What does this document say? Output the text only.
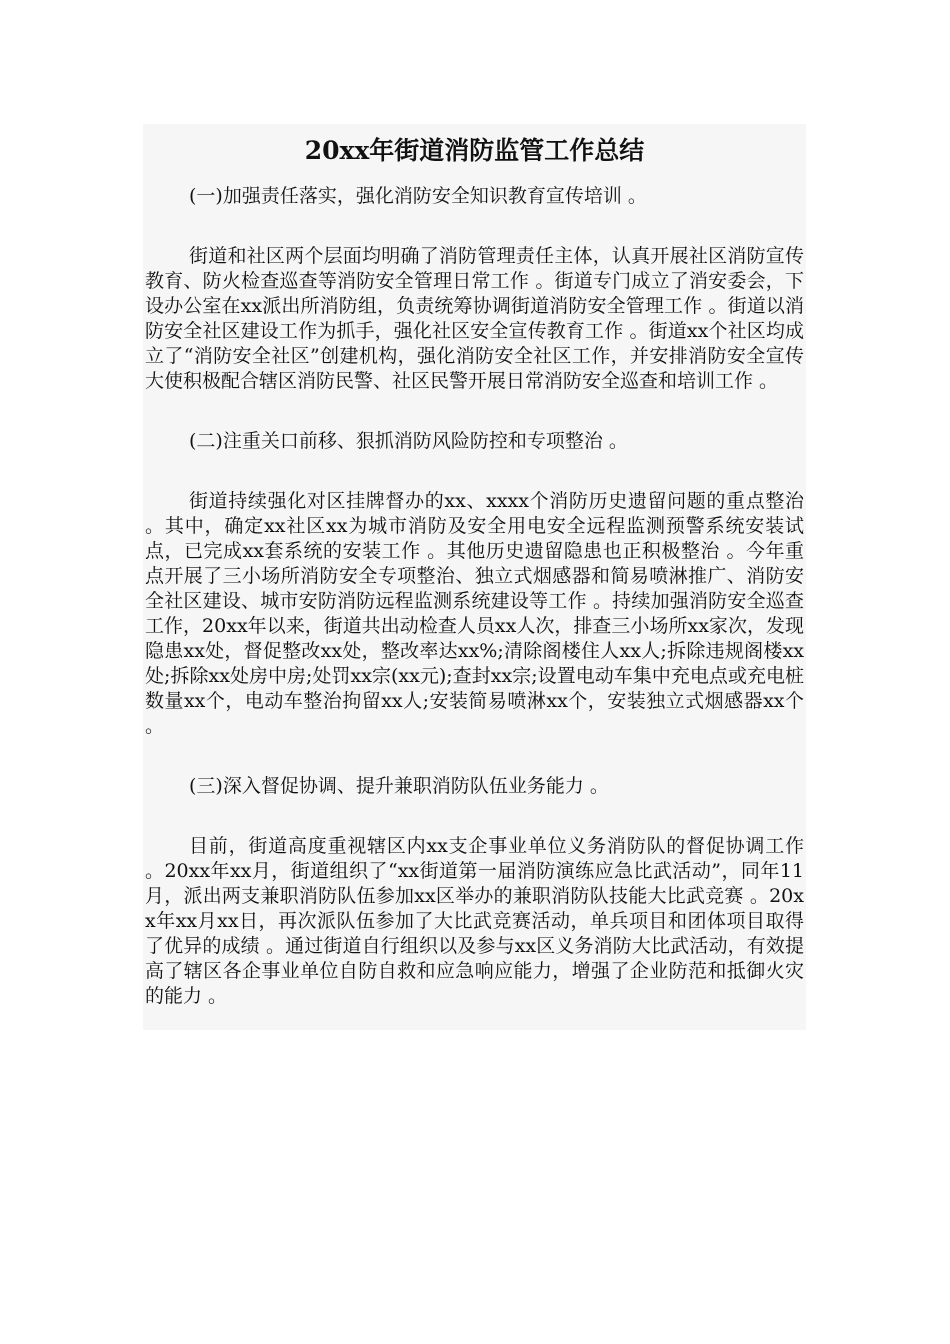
20xx年街道消防监管工作总结

(一)加强责任落实，强化消防安全知识教育宣传培训 。

街道和社区两个层面均明确了消防管理责任主体，认真开展社区消防宣传教育、防火检查巡查等消防安全管理日常工作 。街道专门成立了消安委会，下设办公室在xx派出所消防组，负责统筹协调街道消防安全管理工作 。街道以消防安全社区建设工作为抓手，强化社区安全宣传教育工作 。街道xx个社区均成立了“消防安全社区”创建机构，强化消防安全社区工作，并安排消防安全宣传大使积极配合辖区消防民警、社区民警开展日常消防安全巡查和培训工作 。

(二)注重关口前移、狠抓消防风险防控和专项整治 。

街道持续强化对区挂牌督办的xx、xxxx个消防历史遗留问题的重点整治 。其中，确定xx社区xx为城市消防及安全用电安全远程监测预警系统安装试点，已完成xx套系统的安装工作 。其他历史遗留隐患也正积极整治 。今年重点开展了三小场所消防安全专项整治、独立式烟感器和简易喷淋推广、消防安全社区建设、城市安防消防远程监测系统建设等工作 。持续加强消防安全巡查工作，20xx年以来，街道共出动检查人员xx人次，排查三小场所xx家次，发现隐患xx处，督促整改xx处，整改率达xx%;清除阁楼住人xx人;拆除违规阁楼xx处;拆除xx处房中房;处罚xx宗(xx元);查封xx宗;设置电动车集中充电点或充电桩数量xx个，电动车整治拘留xx人;安装简易喷淋xx个，安装独立式烟感器xx个 。

(三)深入督促协调、提升兼职消防队伍业务能力 。

目前，街道高度重视辖区内xx支企事业单位义务消防队的督促协调工作 。20xx年xx月，街道组织了“xx街道第一届消防演练应急比武活动”，同年11月，派出两支兼职消防队伍参加xx区举办的兼职消防队技能大比武竞赛 。20xx年xx月xx日，再次派队伍参加了大比武竞赛活动，单兵项目和团体项目取得了优异的成绩 。通过街道自行组织以及参与xx区义务消防大比武活动，有效提高了辖区各企事业单位自防自救和应急响应能力，增强了企业防范和抵御火灾的能力 。
